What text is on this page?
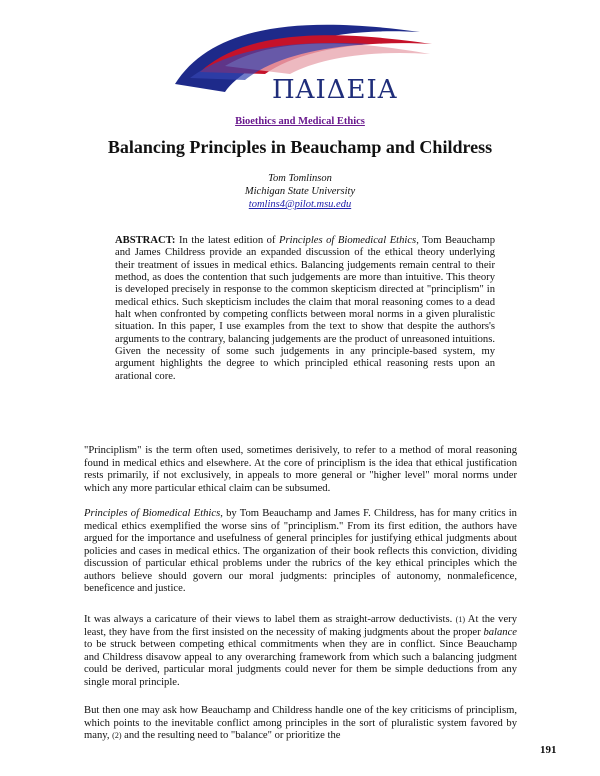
ΠΑΙΔΕΙΑ
Bioethics and Medical Ethics
Balancing Principles in Beauchamp and Childress
Tom Tomlinson
Michigan State University
tomlins4@pilot.msu.edu

ABSTRACT: In the latest edition of Principles of Biomedical Ethics, Tom Beauchamp and James Childress provide an expanded discussion of the ethical theory underlying their treatment of issues in medical ethics. Balancing judgements remain central to their method, as does the contention that such judgements are more than intuitive. This theory is developed precisely in response to the common skepticism directed at "principlism" in medical ethics. Such skepticism includes the claim that moral reasoning comes to a dead halt when confronted by competing conflicts between moral norms in a given pluralistic situation. In this paper, I use examples from the text to show that despite the authors's arguments to the contrary, balancing judgements are the product of unreasoned intuitions. Given the necessity of some such judgements in any principle-based system, my argument highlights the degree to which principled ethical reasoning rests upon an arational core.

"Principlism" is the term often used, sometimes derisively, to refer to a method of moral reasoning found in medical ethics and elsewhere. At the core of principlism is the idea that ethical justification rests primarily, if not exclusively, in appeals to more general or "higher level" moral norms under which any more particular ethical claim can be subsumed.

Principles of Biomedical Ethics, by Tom Beauchamp and James F. Childress, has for many critics in medical ethics exemplified the worse sins of "principlism." From its first edition, the authors have argued for the importance and usefulness of general principles for justifying ethical judgments about policies and cases in medical ethics. The organization of their book reflects this conviction, dividing discussion of particular ethical problems under the rubrics of the key ethical principles which the authors believe should govern our moral judgments: principles of autonomy, nonmaleficence, beneficence and justice.

It was always a caricature of their views to label them as straight-arrow deductivists. (1) At the very least, they have from the first insisted on the necessity of making judgments about the proper balance to be struck between competing ethical commitments when they are in conflict. Since Beauchamp and Childress disavow appeal to any overarching framework from which such a balancing judgment could be derived, particular moral judgments could never for them be simple deductions from any single moral principle.

But then one may ask how Beauchamp and Childress handle one of the key criticisms of principlism, which points to the inevitable conflict among principles in the sort of pluralistic system favored by many, (2) and the resulting need to "balance" or prioritize the

191
